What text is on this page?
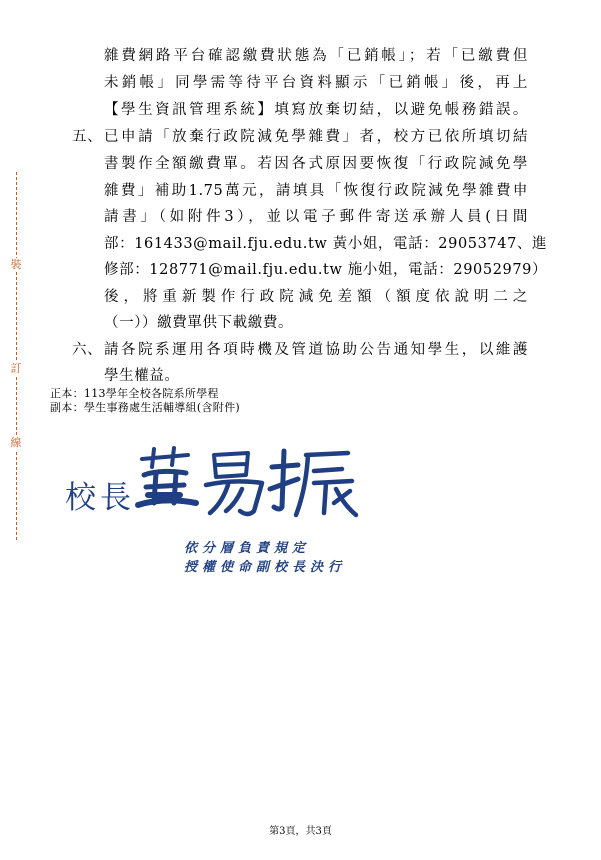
裝
訂
線
雜費網路平台確認繳費狀態為「已銷帳」；若「已繳費但
未銷帳」同學需等待平台資料顯示「已銷帳」後，再上
【學生資訊管理系統】填寫放棄切結，以避免帳務錯誤。
五、 已申請「放棄行政院減免學雜費」者，校方已依所填切結
書製作全額繳費單。若因各式原因要恢復「行政院減免學
雜費」補助1.75萬元，請填具「恢復行政院減免學雜費申
請書」（如附件3），並以電子郵件寄送承辦人員(日間
部：161433@mail.fju.edu.tw 黃小姐，電話：29053747、進
修部：128771@mail.fju.edu.tw 施小姐，電話：29052979）
後，將重新製作行政院減免差額（額度依說明二之
（一））繳費單供下載繳費。
六、 請各院系運用各項時機及管道協助公告通知學生，以維護
學生權益。
正本：113學年全校各院系所學程
副本：學生事務處生活輔導組(含附件)
校長
依分層負責規定
授權使命副校長決行
第3頁，共3頁
